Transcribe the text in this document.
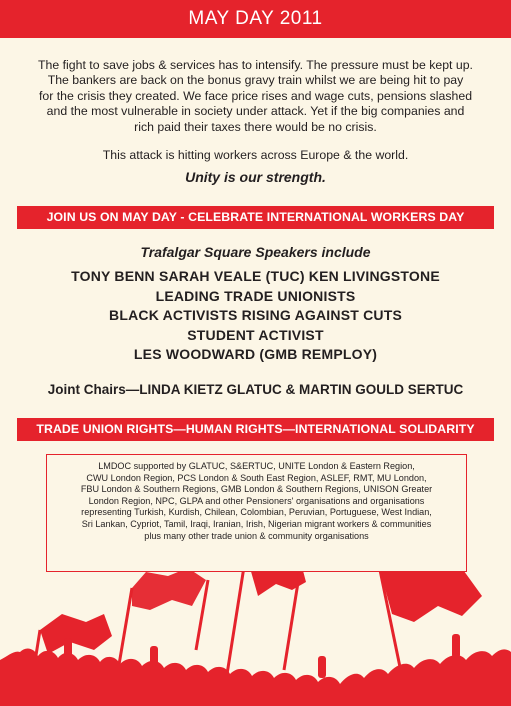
MAY DAY 2011

The fight to save jobs & services has to intensify. The pressure must be kept up.
The bankers are back on the bonus gravy train whilst we are being hit to pay
for the crisis they created. We face price rises and wage cuts, pensions slashed
and the most vulnerable in society under attack. Yet if the big companies and
rich paid their taxes there would be no crisis.

This attack is hitting workers across Europe & the world.

Unity is our strength.

JOIN US ON MAY DAY - CELEBRATE INTERNATIONAL WORKERS DAY

Trafalgar Square Speakers include

TONY BENN SARAH VEALE (TUC) KEN LIVINGSTONE

LEADING TRADE UNIONISTS

BLACK ACTIVISTS RISING AGAINST CUTS

STUDENT ACTIVIST

LES WOODWARD (GMB REMPLOY)

Joint Chairs—LINDA KIETZ GLATUC & MARTIN GOULD SERTUC

TRADE UNION RIGHTS—HUMAN RIGHTS—INTERNATIONAL SOLIDARITY
LMDOC supported by GLATUC, S&ERTUC, UNITE London & Eastern Region,
CWU London Region, PCS London & South East Region, ASLEF, RMT, MU London,
FBU London & Southern Regions, GMB London & Southern Regions, UNISON Greater
London Region, NPC, GLPA and other Pensioners' organisations and organisations
representing Turkish, Kurdish, Chilean, Colombian, Peruvian, Portuguese, West Indian,
Sri Lankan, Cypriot, Tamil, Iraqi, Iranian, Irish, Nigerian migrant workers & communities
plus many other trade union & community organisations
